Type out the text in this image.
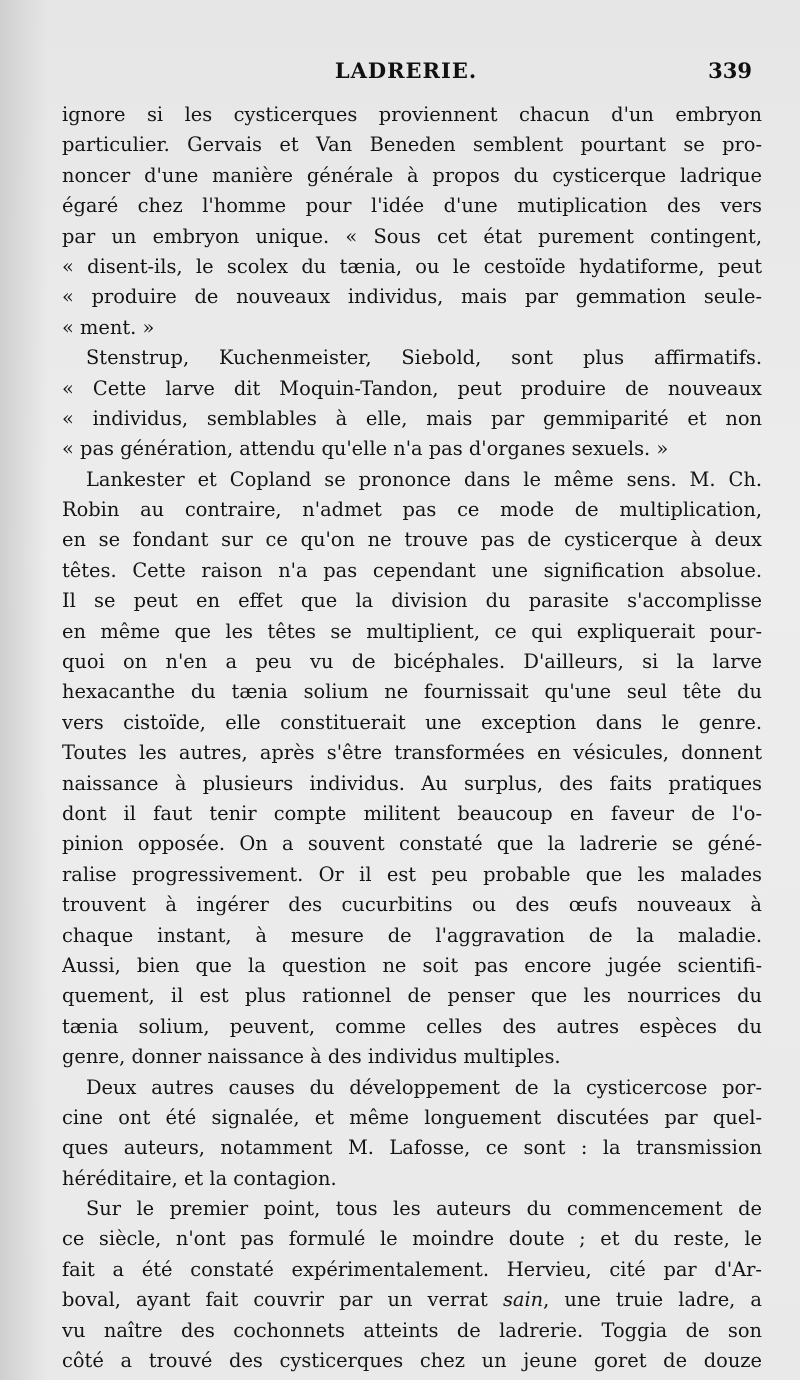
LADRERIE.	339
ignore si les cysticerques proviennent chacun d'un embryon
particulier. Gervais et Van Beneden semblent pourtant se pro-
noncer d'une manière générale à propos du cysticerque ladrique
égaré chez l'homme pour l'idée d'une mutiplication des vers
par un embryon unique. « Sous cet état purement contingent,
« disent-ils, le scolex du tænia, ou le cestoïde hydatiforme, peut
« produire de nouveaux individus, mais par gemmation seule-
« ment. »
Stenstrup, Kuchenmeister, Siebold, sont plus affirmatifs.
« Cette larve dit Moquin-Tandon, peut produire de nouveaux
« individus, semblables à elle, mais par gemmiparité et non
« pas génération, attendu qu'elle n'a pas d'organes sexuels. »
Lankester et Copland se prononce dans le même sens. M. Ch.
Robin au contraire, n'admet pas ce mode de multiplication,
en se fondant sur ce qu'on ne trouve pas de cysticerque à deux
têtes. Cette raison n'a pas cependant une signification absolue.
Il se peut en effet que la division du parasite s'accomplisse
en même que les têtes se multiplient, ce qui expliquerait pour-
quoi on n'en a peu vu de bicéphales. D'ailleurs, si la larve
hexacanthe du tænia solium ne fournissait qu'une seul tête du
vers cistoïde, elle constituerait une exception dans le genre.
Toutes les autres, après s'être transformées en vésicules, donnent
naissance à plusieurs individus. Au surplus, des faits pratiques
dont il faut tenir compte militent beaucoup en faveur de l'o-
pinion opposée. On a souvent constaté que la ladrerie se géné-
ralise progressivement. Or il est peu probable que les malades
trouvent à ingérer des cucurbitins ou des œufs nouveaux à
chaque instant, à mesure de l'aggravation de la maladie.
Aussi, bien que la question ne soit pas encore jugée scientifi-
quement, il est plus rationnel de penser que les nourrices du
tænia solium, peuvent, comme celles des autres espèces du
genre, donner naissance à des individus multiples.
Deux autres causes du développement de la cysticercose por-
cine ont été signalée, et même longuement discutées par quel-
ques auteurs, notamment M. Lafosse, ce sont : la transmission
héréditaire, et la contagion.
Sur le premier point, tous les auteurs du commencement de
ce siècle, n'ont pas formulé le moindre doute ; et du reste, le
fait a été constaté expérimentalement. Hervieu, cité par d'Ar-
boval, ayant fait couvrir par un verrat sain, une truie ladre, a
vu naître des cochonnets atteints de ladrerie. Toggia de son
côté a trouvé des cysticerques chez un jeune goret de douze
